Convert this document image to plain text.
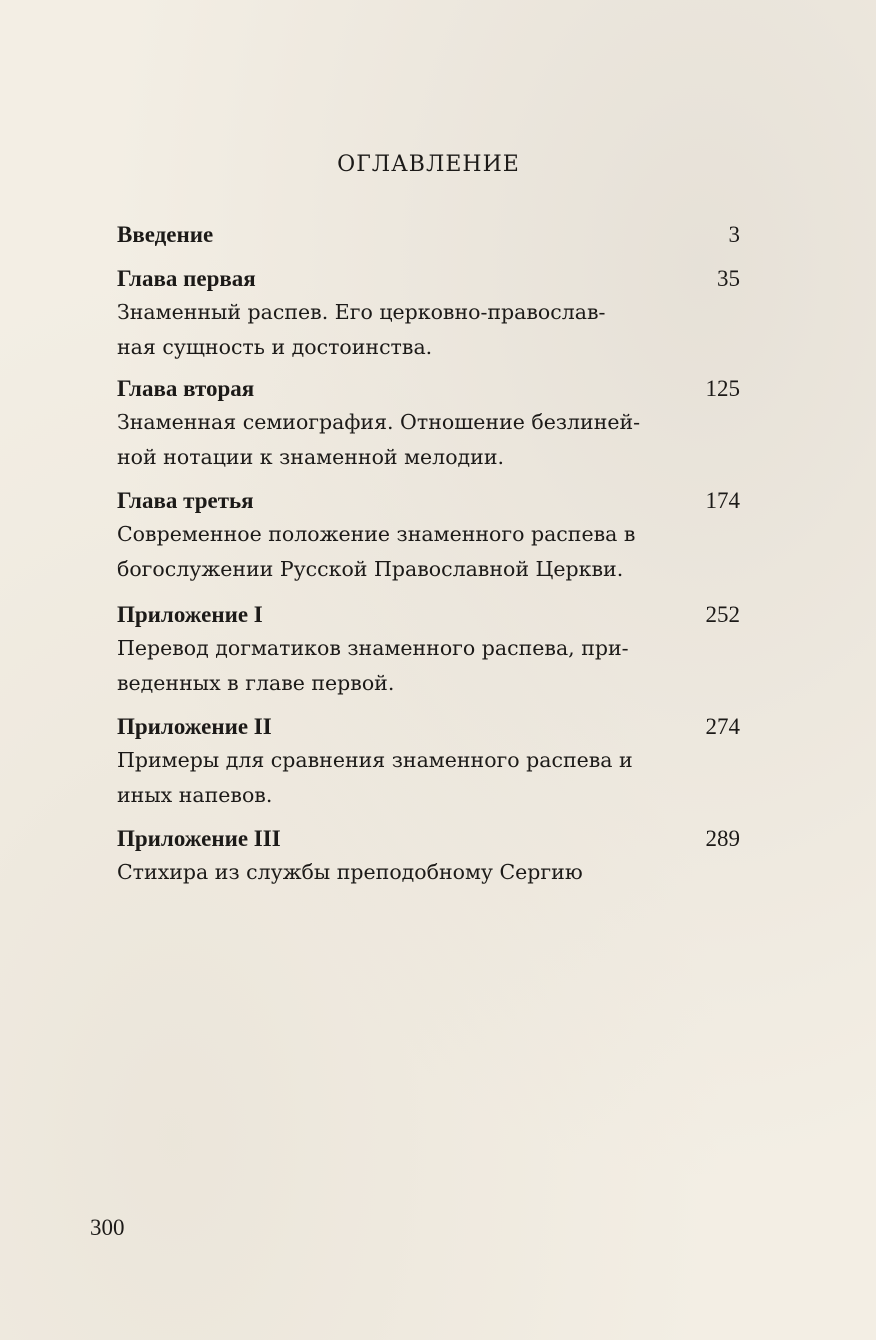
ОГЛАВЛЕНИЕ
Введение	3
Глава первая	35
Знаменный распев. Его церковно-православ-
ная сущность и достоинства.
Глава вторая	125
Знаменная семиография. Отношение безлиней-
ной нотации к знаменной мелодии.
Глава третья	174
Современное положение знаменного распева в
богослужении Русской Православной Церкви.
Приложение I	252
Перевод догматиков знаменного распева, при-
веденных в главе первой.
Приложение II	274
Примеры для сравнения знаменного распева и
иных напевов.
Приложение III	289
Стихира из службы преподобному Сергию
300
